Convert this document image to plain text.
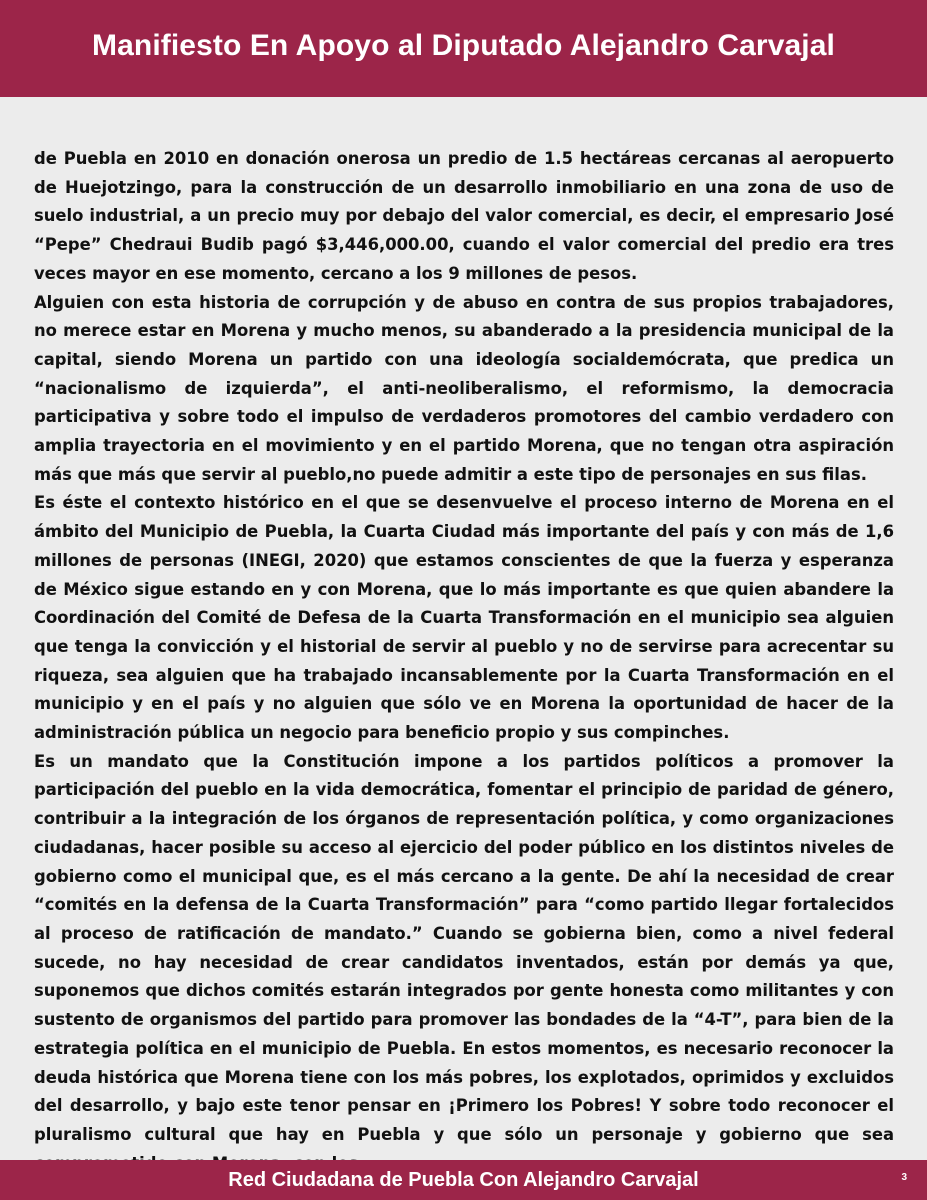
Manifiesto En Apoyo al Diputado Alejandro Carvajal

de Puebla en 2010 en donación onerosa un predio de 1.5 hectáreas cercanas al aeropuerto de Huejotzingo, para la construcción de un desarrollo inmobiliario en una zona de uso de suelo industrial, a un precio muy por debajo del valor comercial, es decir, el empresario José “Pepe” Chedraui Budib pagó $3,446,000.00, cuando el valor comercial del predio era tres veces mayor en ese momento, cercano a los 9 millones de pesos.

Alguien con esta historia de corrupción y de abuso en contra de sus propios trabajadores, no merece estar en Morena y mucho menos, su abanderado a la presidencia municipal de la capital, siendo Morena un partido con una ideología socialdemócrata, que predica un “nacionalismo de izquierda”, el anti-neoliberalismo, el reformismo, la democracia participativa y sobre todo el impulso de verdaderos promotores del cambio verdadero con amplia trayectoria en el movimiento y en el partido Morena, que no tengan otra aspiración más que más que servir al pueblo,no puede admitir a este tipo de personajes en sus filas.

Es éste el contexto histórico en el que se desenvuelve el proceso interno de Morena en el ámbito del Municipio de Puebla, la Cuarta Ciudad más importante del país y con más de 1,6 millones de personas (INEGI, 2020) que estamos conscientes de que la fuerza y esperanza de México sigue estando en y con Morena, que lo más importante es que quien abandere la Coordinación del Comité de Defesa de la Cuarta Transformación en el municipio sea alguien que tenga la convicción y el historial de servir al pueblo y no de servirse para acrecentar su riqueza, sea alguien que ha trabajado incansablemente por la Cuarta Transformación en el municipio y en el país y no alguien que sólo ve en Morena la oportunidad de hacer de la administración pública un negocio para beneficio propio y sus compinches.

Es un mandato que la Constitución impone a los partidos políticos a promover la participación del pueblo en la vida democrática, fomentar el principio de paridad de género, contribuir a la integración de los órganos de representación política, y como organizaciones ciudadanas, hacer posible su acceso al ejercicio del poder público en los distintos niveles de gobierno como el municipal que, es el más cercano a la gente. De ahí la necesidad de crear “comités en la defensa de la Cuarta Transformación” para “como partido llegar fortalecidos al proceso de ratificación de mandato.” Cuando se gobierna bien, como a nivel federal sucede, no hay necesidad de crear candidatos inventados, están por demás ya que, suponemos que dichos comités estarán integrados por gente honesta como militantes y con sustento de organismos del partido para promover las bondades de la “4-T”, para bien de la estrategia política en el municipio de Puebla. En estos momentos, es necesario reconocer la deuda histórica que Morena tiene con los más pobres, los explotados, oprimidos y excluidos del desarrollo, y bajo este tenor pensar en ¡Primero los Pobres! Y sobre todo reconocer el pluralismo cultural que hay en Puebla y que sólo un personaje y gobierno que sea

Red Ciudadana de Puebla Con Alejandro Carvajal	3
